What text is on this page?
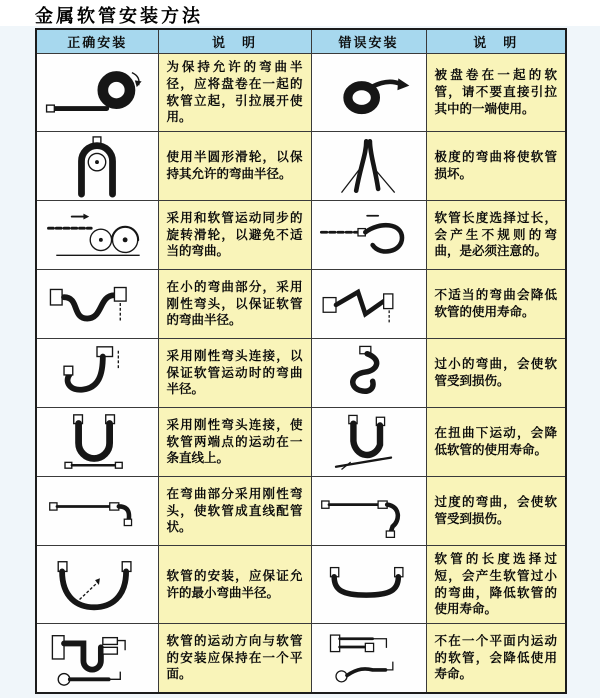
金属软管安装方法
正确安装	说　明	错误安装	说　明

	为保持允许的弯曲半径，应将盘卷在一起的软管立起，引拉展开使用。		被盘卷在一起的软管，请不要直接引拉其中的一端使用。

	使用半圆形滑轮，以保持其允许的弯曲半径。		极度的弯曲将使软管损坏。

	采用和软管运动同步的旋转滑轮，以避免不适当的弯曲。		软管长度选择过长，会产生不规则的弯曲，是必须注意的。

	在小的弯曲部分，采用刚性弯头，以保证软管的弯曲半径。		不适当的弯曲会降低软管的使用寿命。

	采用刚性弯头连接，以保证软管运动时的弯曲半径。		过小的弯曲，会使软管受到损伤。

	采用刚性弯头连接，使软管两端点的运动在一条直线上。		在扭曲下运动，会降低软管的使用寿命。

	在弯曲部分采用刚性弯头，使软管成直线配管状。		过度的弯曲，会使软管受到损伤。

	软管的安装，应保证允许的最小弯曲半径。		软管的长度选择过短，会产生软管过小的弯曲，降低软管的使用寿命。

	软管的运动方向与软管的安装应保持在一个平面。		不在一个平面内运动的软管，会降低使用寿命。
